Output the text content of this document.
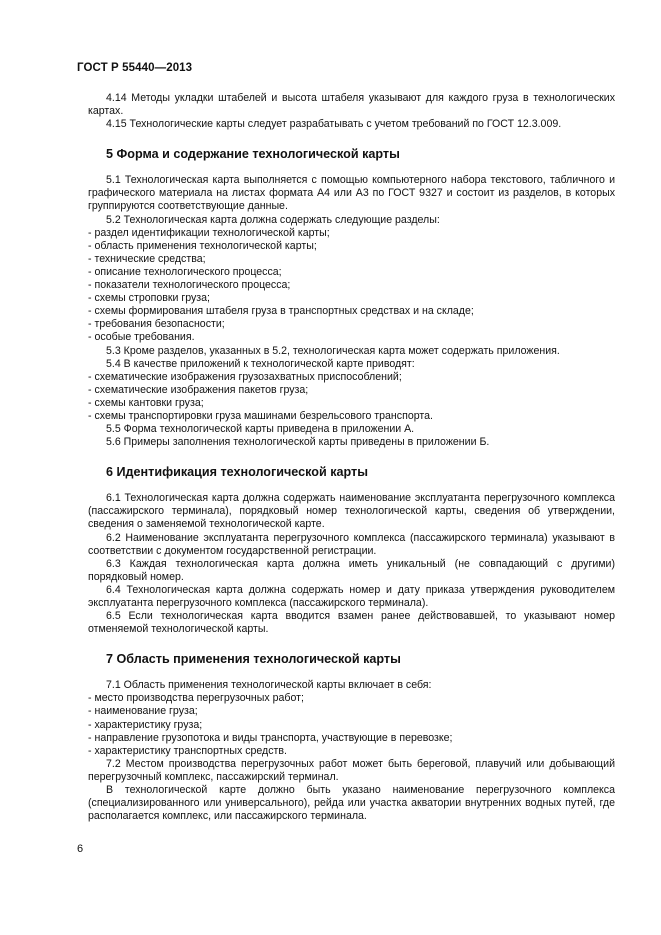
ГОСТ Р 55440—2013

4.14 Методы укладки штабелей и высота штабеля указывают для каждого груза в технологических картах.

4.15 Технологические карты следует разрабатывать с учетом требований по ГОСТ 12.3.009.

5 Форма и содержание технологической карты

5.1 Технологическая карта выполняется с помощью компьютерного набора текстового, табличного и графического материала на листах формата А4 или А3 по ГОСТ 9327 и состоит из разделов, в которых группируются соответствующие данные.

5.2 Технологическая карта должна содержать следующие разделы:

- раздел идентификации технологической карты;

- область применения технологической карты;

- технические средства;

- описание технологического процесса;

- показатели технологического процесса;

- схемы строповки груза;

- схемы формирования штабеля груза в транспортных средствах и на складе;

- требования безопасности;

- особые требования.

5.3 Кроме разделов, указанных в 5.2, технологическая карта может содержать приложения.

5.4 В качестве приложений к технологической карте приводят:

- схематические изображения грузозахватных приспособлений;

- схематические изображения пакетов груза;

- схемы кантовки груза;

- схемы транспортировки груза машинами безрельсового транспорта.

5.5 Форма технологической карты приведена в приложении А.

5.6 Примеры заполнения технологической карты приведены в приложении Б.

6 Идентификация технологической карты

6.1 Технологическая карта должна содержать наименование эксплуатанта перегрузочного комплекса (пассажирского терминала), порядковый номер технологической карты, сведения об утверждении, сведения о заменяемой технологической карте.

6.2 Наименование эксплуатанта перегрузочного комплекса (пассажирского терминала) указывают в соответствии с документом государственной регистрации.

6.3 Каждая технологическая карта должна иметь уникальный (не совпадающий с другими) порядковый номер.

6.4 Технологическая карта должна содержать номер и дату приказа утверждения руководителем эксплуатанта перегрузочного комплекса (пассажирского терминала).

6.5 Если технологическая карта вводится взамен ранее действовавшей, то указывают номер отменяемой технологической карты.

7 Область применения технологической карты

7.1 Область применения технологической карты включает в себя:

- место производства перегрузочных работ;

- наименование груза;

- характеристику груза;

- направление грузопотока и виды транспорта, участвующие в перевозке;

- характеристику транспортных средств.

7.2 Местом производства перегрузочных работ может быть береговой, плавучий или добывающий перегрузочный комплекс, пассажирский терминал.

В технологической карте должно быть указано наименование перегрузочного комплекса (специализированного или универсального), рейда или участка акватории внутренних водных путей, где располагается комплекс, или пассажирского терминала.

6
